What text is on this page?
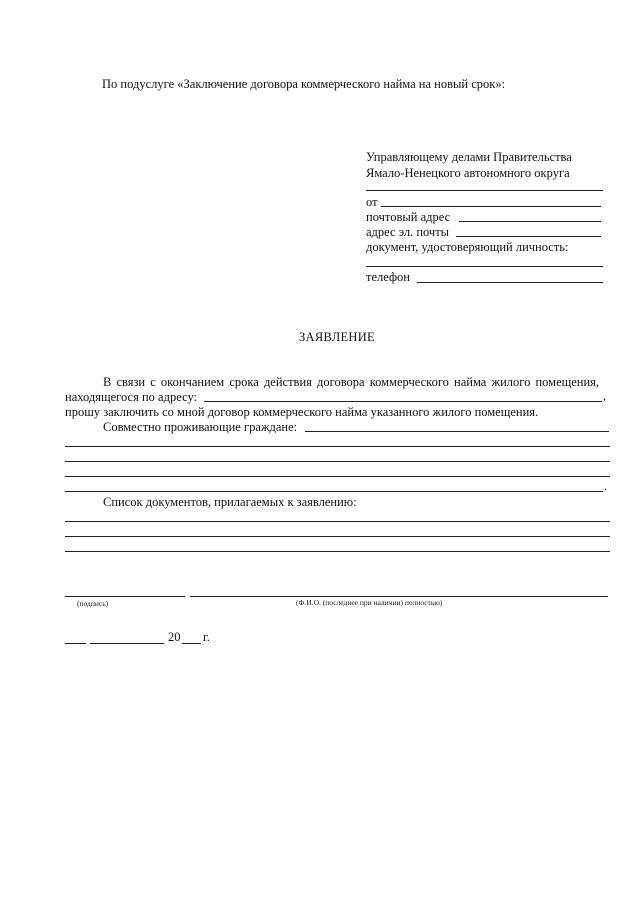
По подуслуге «Заключение договора коммерческого найма на новый срок»:
Управляющему делами Правительства
Ямало-Ненецкого автономного округа
от
почтовый адрес
адрес эл. почты
документ, удостоверяющий личность:
телефон
ЗАЯВЛЕНИЕ
В связи с окончанием срока действия договора коммерческого найма жилого помещения,
находящегося по адресу:	,
прошу заключить со мной договор коммерческого найма указанного жилого помещения.
Совместно проживающие граждане:
.
Список документов, прилагаемых к заявлению:
(подпись)	(Ф.И.О. (последнее при наличии) полностью)
20 г.
